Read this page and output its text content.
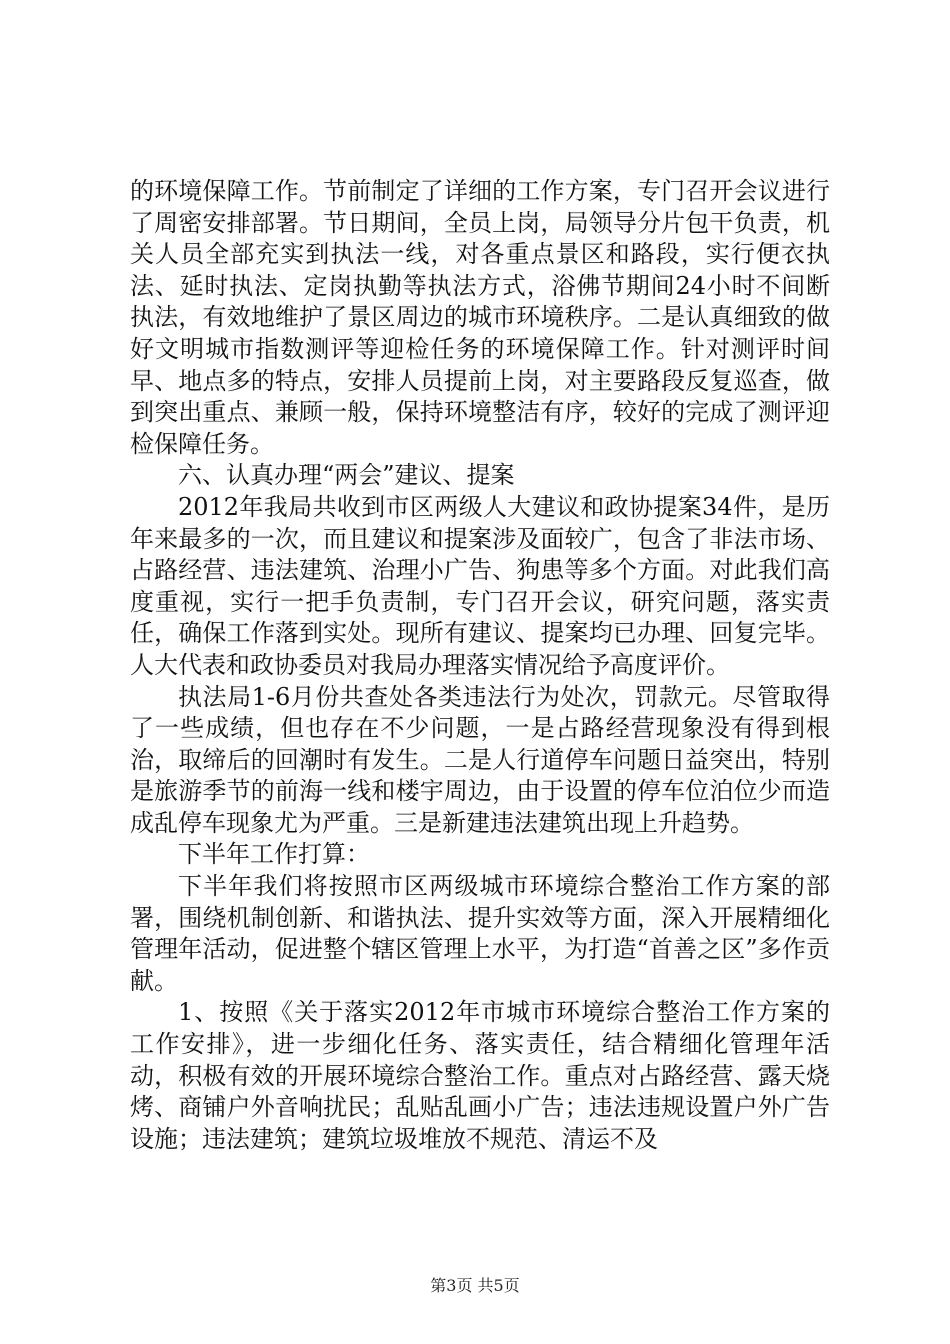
的环境保障工作。节前制定了详细的工作方案，专门召开会议进行了周密安排部署。节日期间，全员上岗，局领导分片包干负责，机关人员全部充实到执法一线，对各重点景区和路段，实行便衣执法、延时执法、定岗执勤等执法方式，浴佛节期间24小时不间断执法，有效地维护了景区周边的城市环境秩序。二是认真细致的做好文明城市指数测评等迎检任务的环境保障工作。针对测评时间早、地点多的特点，安排人员提前上岗，对主要路段反复巡查，做到突出重点、兼顾一般，保持环境整洁有序，较好的完成了测评迎检保障任务。

六、认真办理“两会”建议、提案

2012年我局共收到市区两级人大建议和政协提案34件，是历年来最多的一次，而且建议和提案涉及面较广，包含了非法市场、占路经营、违法建筑、治理小广告、狗患等多个方面。对此我们高度重视，实行一把手负责制，专门召开会议，研究问题，落实责任，确保工作落到实处。现所有建议、提案均已办理、回复完毕。人大代表和政协委员对我局办理落实情况给予高度评价。

执法局1-6月份共查处各类违法行为处次，罚款元。尽管取得了一些成绩，但也存在不少问题，一是占路经营现象没有得到根治，取缔后的回潮时有发生。二是人行道停车问题日益突出，特别是旅游季节的前海一线和楼宇周边，由于设置的停车位泊位少而造成乱停车现象尤为严重。三是新建违法建筑出现上升趋势。

下半年工作打算：

下半年我们将按照市区两级城市环境综合整治工作方案的部署，围绕机制创新、和谐执法、提升实效等方面，深入开展精细化管理年活动，促进整个辖区管理上水平，为打造“首善之区”多作贡献。

1、按照《关于落实2012年市城市环境综合整治工作方案的工作安排》，进一步细化任务、落实责任，结合精细化管理年活动，积极有效的开展环境综合整治工作。重点对占路经营、露天烧烤、商铺户外音响扰民；乱贴乱画小广告；违法违规设置户外广告设施；违法建筑；建筑垃圾堆放不规范、清运不及

第3页 共5页
